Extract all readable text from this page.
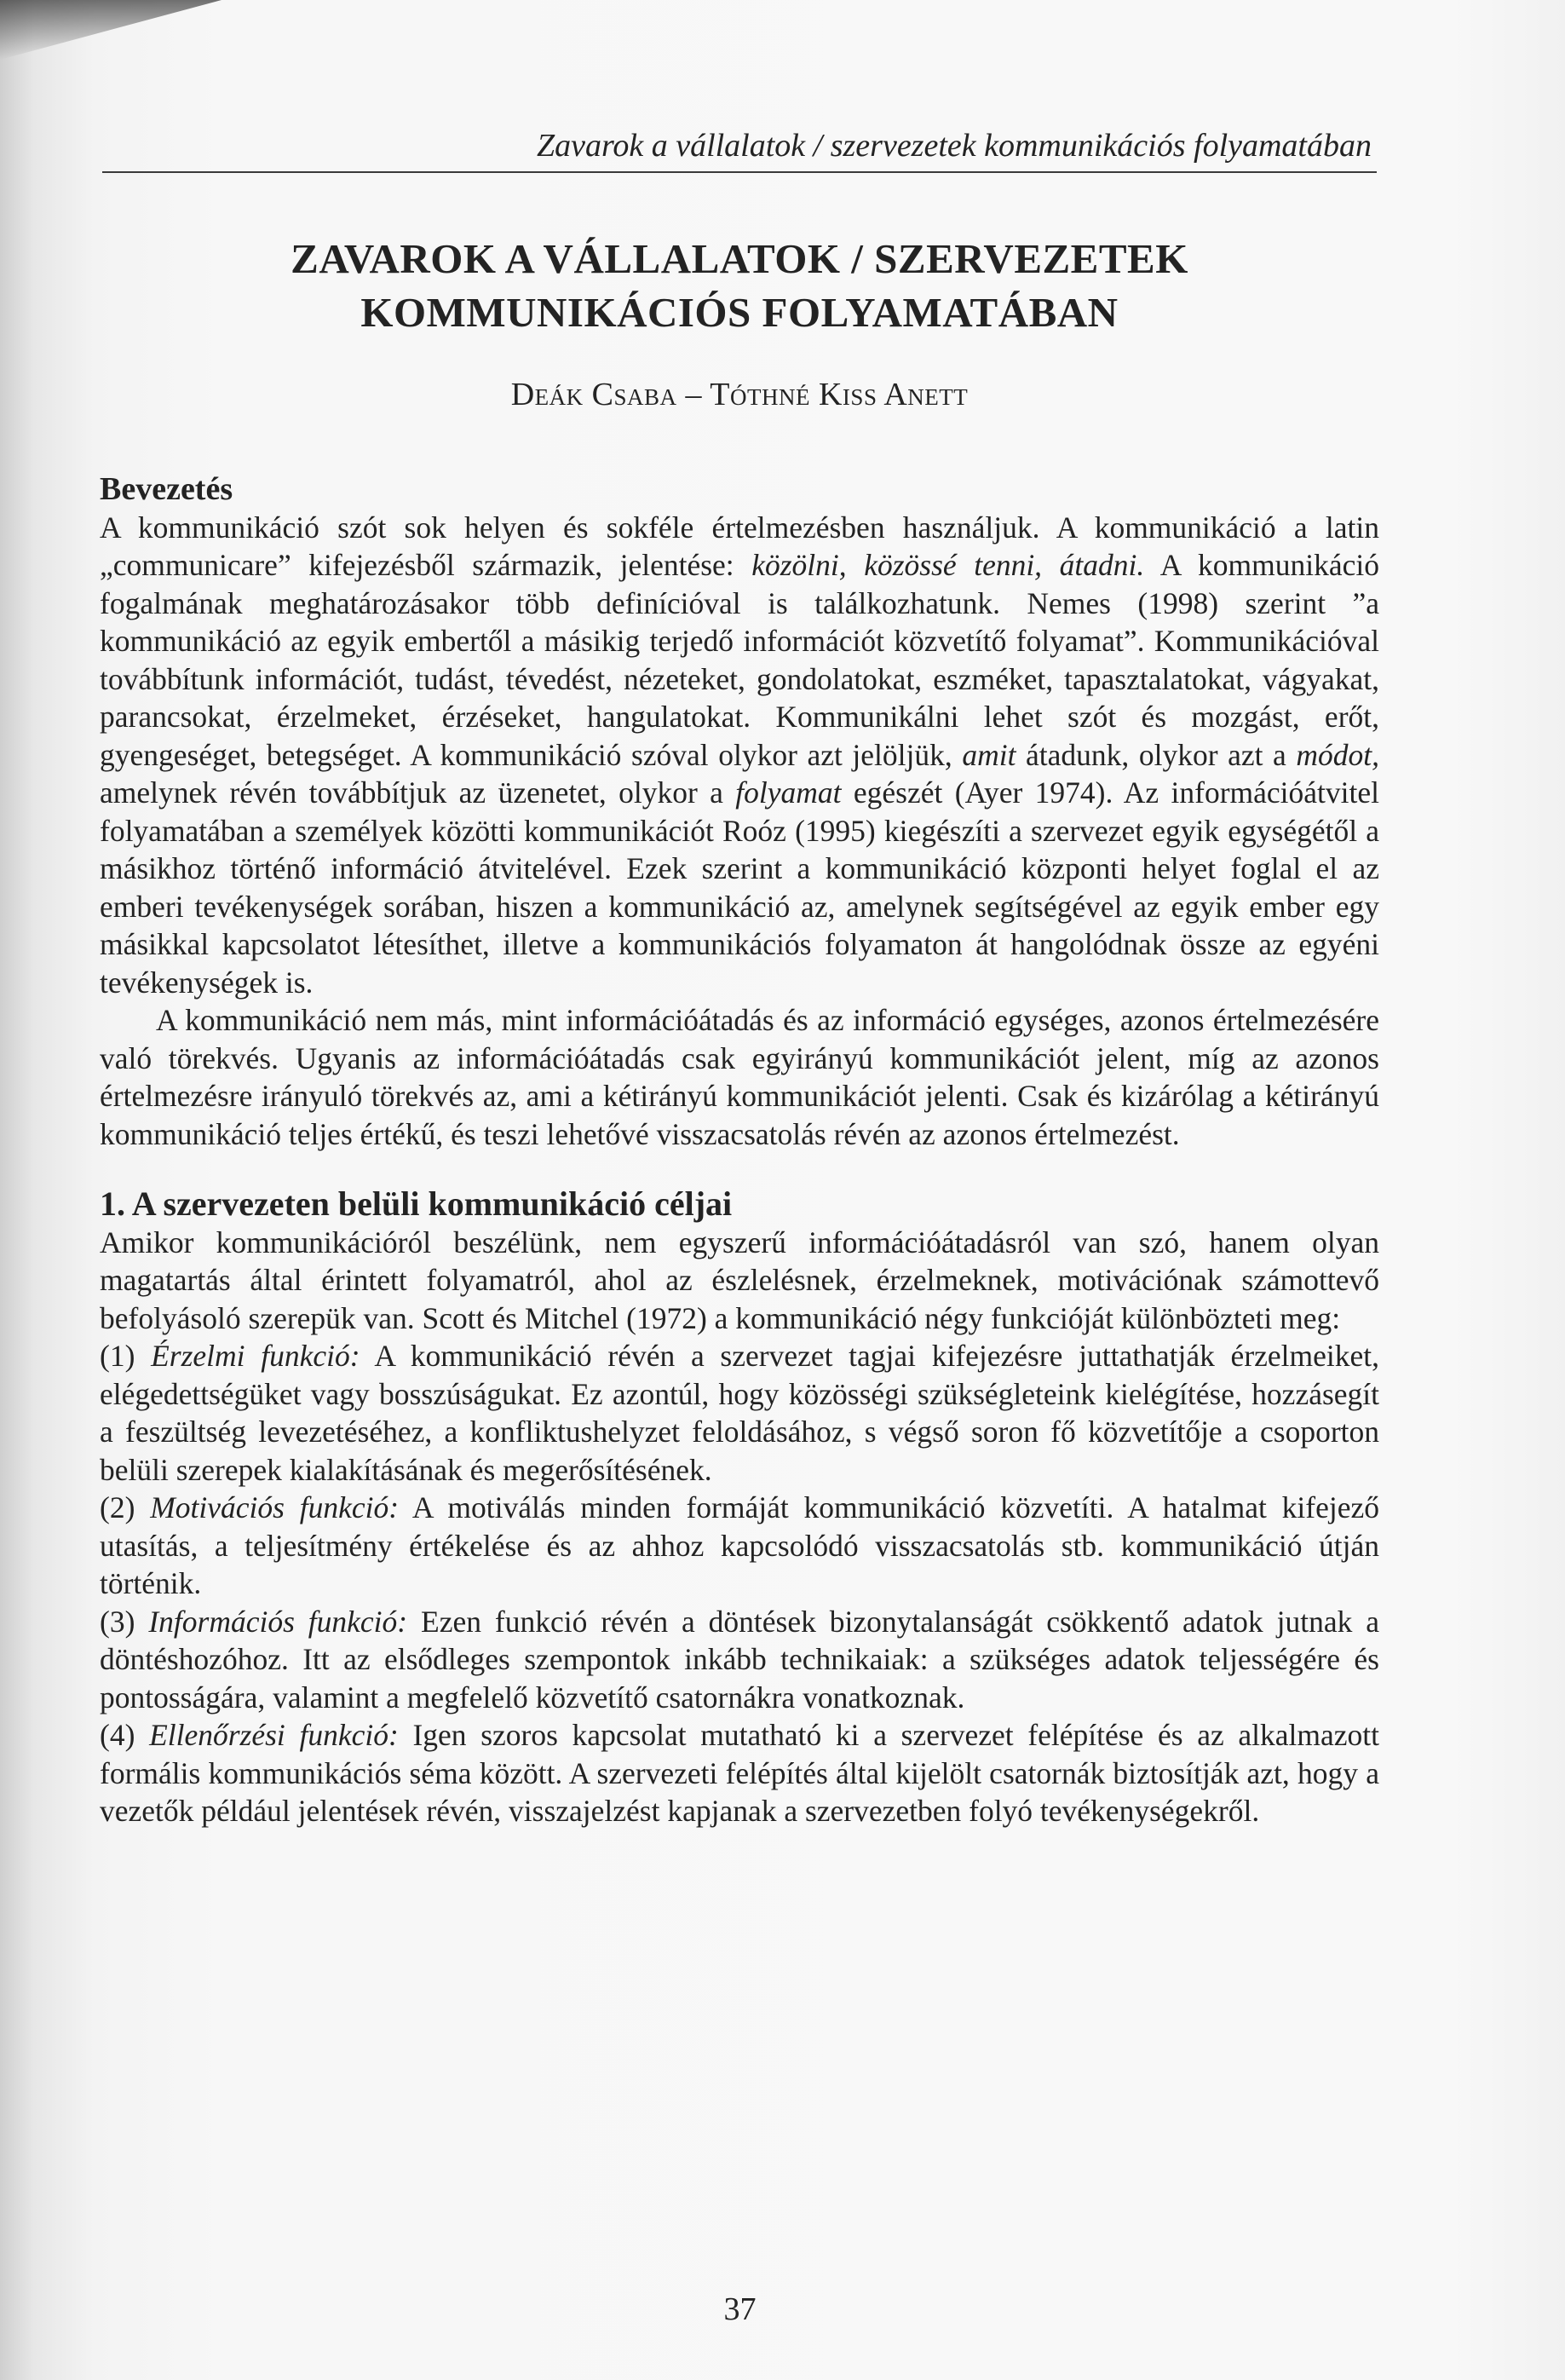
Zavarok a vállalatok / szervezetek kommunikációs folyamatában
ZAVAROK A VÁLLALATOK / SZERVEZETEK
KOMMUNIKÁCIÓS FOLYAMATÁBAN
Deák Csaba – Tóthné Kiss Anett
Bevezetés

A kommunikáció szót sok helyen és sokféle értelmezésben használjuk. A kommunikáció a latin „communicare” kifejezésből származik, jelentése: közölni, közössé tenni, átadni. A kommunikáció fogalmának meghatározásakor több definícióval is találkozhatunk. Nemes (1998) szerint ”a kommunikáció az egyik embertől a másikig terjedő információt közvetítő folyamat”. Kommunikációval továbbítunk információt, tudást, tévedést, nézeteket, gondolatokat, eszméket, tapasztalatokat, vágyakat, parancsokat, érzelmeket, érzéseket, hangulatokat. Kommunikálni lehet szót és mozgást, erőt, gyengeséget, betegséget. A kommunikáció szóval olykor azt jelöljük, amit átadunk, olykor azt a módot, amelynek révén továbbítjuk az üzenetet, olykor a folyamat egészét (Ayer 1974). Az információátvitel folyamatában a személyek közötti kommunikációt Roóz (1995) kiegészíti a szervezet egyik egységétől a másikhoz történő információ átvitelével. Ezek szerint a kommunikáció központi helyet foglal el az emberi tevékenységek sorában, hiszen a kommunikáció az, amelynek segítségével az egyik ember egy másikkal kapcsolatot létesíthet, illetve a kommunikációs folyamaton át hangolódnak össze az egyéni tevékenységek is.

A kommunikáció nem más, mint információátadás és az információ egységes, azonos értelmezésére való törekvés. Ugyanis az információátadás csak egyirányú kommunikációt jelent, míg az azonos értelmezésre irányuló törekvés az, ami a kétirányú kommunikációt jelenti. Csak és kizárólag a kétirányú kommunikáció teljes értékű, és teszi lehetővé visszacsatolás révén az azonos értelmezést.

1. A szervezeten belüli kommunikáció céljai

Amikor kommunikációról beszélünk, nem egyszerű információátadásról van szó, hanem olyan magatartás által érintett folyamatról, ahol az észlelésnek, érzelmeknek, motivációnak számottevő befolyásoló szerepük van. Scott és Mitchel (1972) a kommunikáció négy funkcióját különbözteti meg:

(1) Érzelmi funkció: A kommunikáció révén a szervezet tagjai kifejezésre juttathatják érzelmeiket, elégedettségüket vagy bosszúságukat. Ez azontúl, hogy közösségi szükségleteink kielégítése, hozzásegít a feszültség levezetéséhez, a konfliktushelyzet feloldásához, s végső soron fő közvetítője a csoporton belüli szerepek kialakításának és megerősítésének.

(2) Motivációs funkció: A motiválás minden formáját kommunikáció közvetíti. A hatalmat kifejező utasítás, a teljesítmény értékelése és az ahhoz kapcsolódó visszacsatolás stb. kommunikáció útján történik.

(3) Információs funkció: Ezen funkció révén a döntések bizonytalanságát csökkentő adatok jutnak a döntéshozóhoz. Itt az elsődleges szempontok inkább technikaiak: a szükséges adatok teljességére és pontosságára, valamint a megfelelő közvetítő csatornákra vonatkoznak.

(4) Ellenőrzési funkció: Igen szoros kapcsolat mutatható ki a szervezet felépítése és az alkalmazott formális kommunikációs séma között. A szervezeti felépítés által kijelölt csatornák biztosítják azt, hogy a vezetők például jelentések révén, visszajelzést kapjanak a szervezetben folyó tevékenységekről.

37
